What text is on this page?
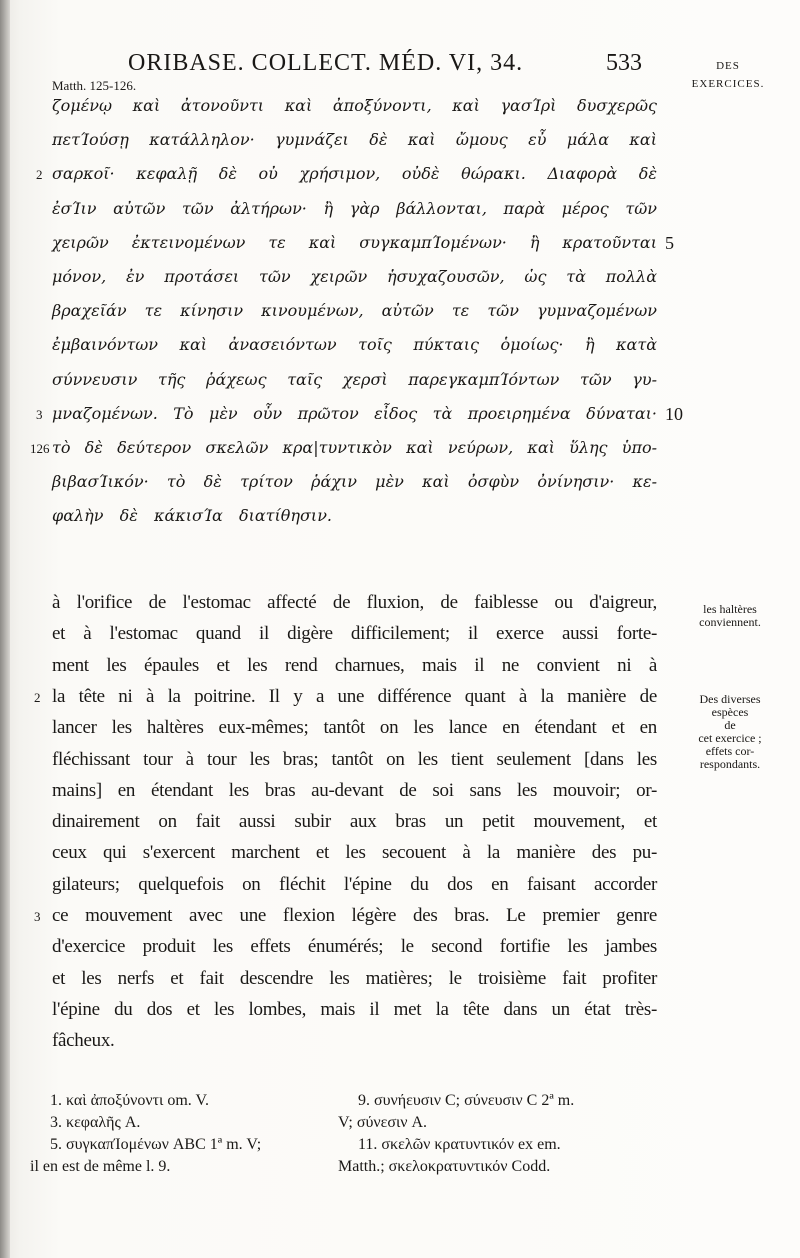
ORIBASE. COLLECT. MÉD. VI, 34.	533
Matth. 125-126.
DES
EXERCICES.

ζομένῳ καὶ ἀτονοῦντι καὶ ἀποξύνοντι, καὶ γασΊρὶ δυσχερῶς

πετΊούσῃ κατάλληλον· γυμνάζει δὲ καὶ ὤμους εὖ μάλα καὶ

σαρκοῖ· κεφαλῇ δὲ οὐ χρήσιμον, οὐδὲ θώρακι. Διαφορὰ δὲ

ἐσΊιν αὐτῶν τῶν ἀλτήρων· ἢ γὰρ βάλλονται, παρὰ μέρος τῶν

χειρῶν ἐκτεινομένων τε καὶ συγκαμπΊομένων· ἢ κρατοῦνται

μόνον, ἐν προτάσει τῶν χειρῶν ἡσυχαζουσῶν, ὡς τὰ πολλὰ

βραχεῖάν τε κίνησιν κινουμένων, αὐτῶν τε τῶν γυμναζομένων

ἐμβαινόντων καὶ ἀνασειόντων τοῖς πύκταις ὁμοίως· ἢ κατὰ

σύννευσιν τῆς ῥάχεως ταῖς χερσὶ παρεγκαμπΊόντων τῶν γυ-

μναζομένων. Τὸ μὲν οὖν πρῶτον εἶδος τὰ προειρημένα δύναται·

τὸ δὲ δεύτερον σκελῶν κρα|τυντικὸν καὶ νεύρων, καὶ ὕλης ὑπο-

βιβασΊικόν· τὸ δὲ τρίτον ῥάχιν μὲν καὶ ὀσφὺν ὀνίνησιν· κε-

φαλὴν δὲ κάκισΊα διατίθησιν.

2
3
126
5
10

à l'orifice de l'estomac affecté de fluxion, de faiblesse ou d'aigreur,

et à l'estomac quand il digère difficilement; il exerce aussi forte-

ment les épaules et les rend charnues, mais il ne convient ni à

la tête ni à la poitrine. Il y a une différence quant à la manière de

lancer les haltères eux-mêmes; tantôt on les lance en étendant et en

fléchissant tour à tour les bras; tantôt on les tient seulement [dans les

mains] en étendant les bras au-devant de soi sans les mouvoir; or-

dinairement on fait aussi subir aux bras un petit mouvement, et

ceux qui s'exercent marchent et les secouent à la manière des pu-

gilateurs; quelquefois on fléchit l'épine du dos en faisant accorder

ce mouvement avec une flexion légère des bras. Le premier genre

d'exercice produit les effets énumérés; le second fortifie les jambes

et les nerfs et fait descendre les matières; le troisième fait profiter

l'épine du dos et les lombes, mais il met la tête dans un état très-

fâcheux.

2
3
les haltères
conviennent.
Des diverses
espèces
de
cet exercice ;
effets cor-
respondants.

1. καὶ ἀποξύνοντι om. V.

3. κεφαλῆς A.

5. συγκαπΊομένων ABC 1ª m. V;

il en est de même l. 9.

9. συνήευσιν C; σύνευσιν C 2ª m.

V; σύνεσιν A.

11. σκελῶν κρατυντικόν ex em.

Matth.; σκελοκρατυντικόν Codd.
